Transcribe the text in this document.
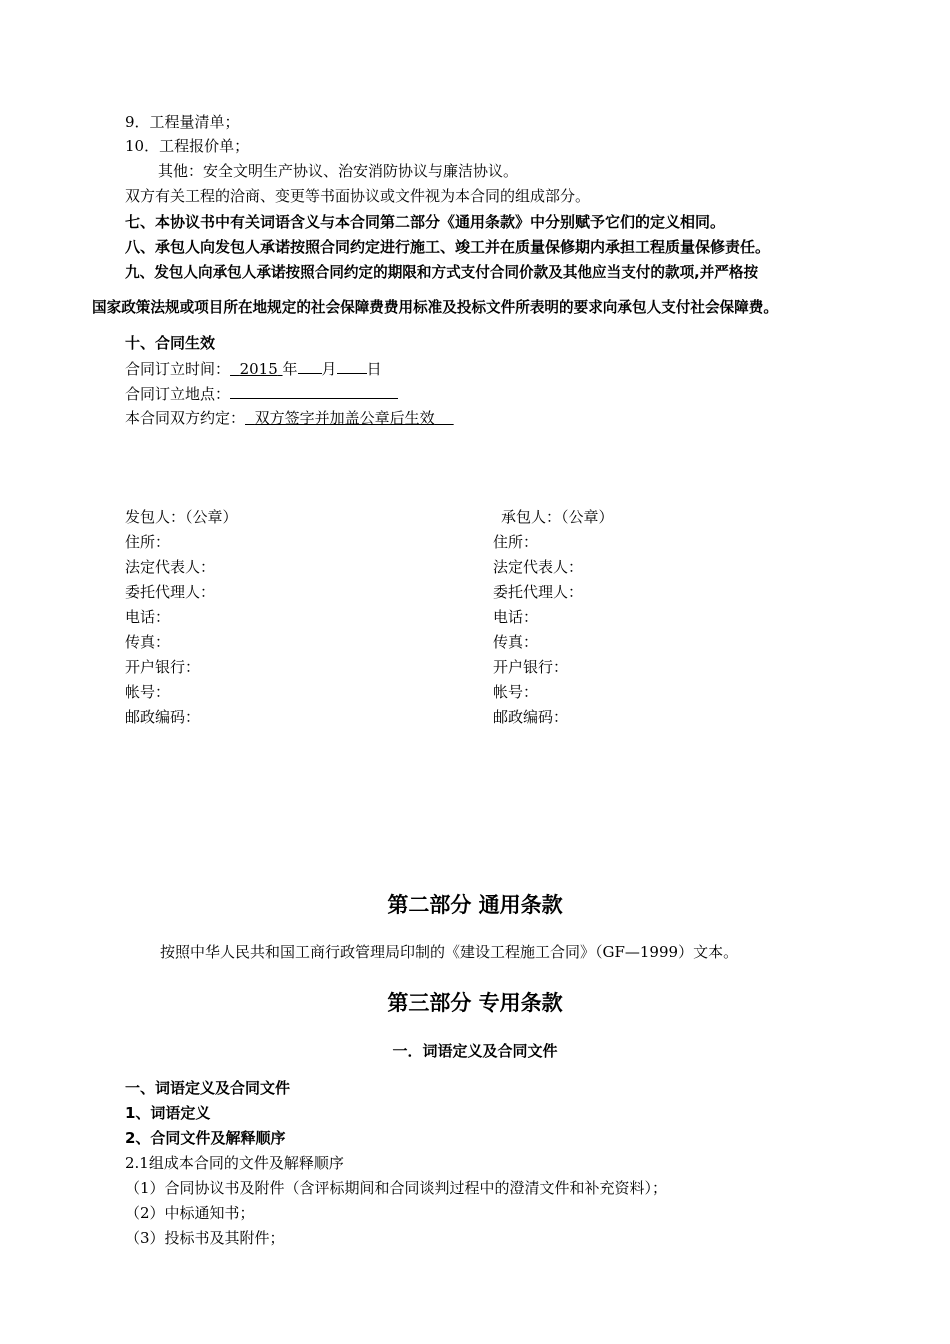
9．工程量清单；
10．工程报价单；
其他：安全文明生产协议、治安消防协议与廉洁协议。
双方有关工程的洽商、变更等书面协议或文件视为本合同的组成部分。
七、本协议书中有关词语含义与本合同第二部分《通用条款》中分别赋予它们的定义相同。
八、承包人向发包人承诺按照合同约定进行施工、竣工并在质量保修期内承担工程质量保修责任。
九、发包人向承包人承诺按照合同约定的期限和方式支付合同价款及其他应当支付的款项,并严格按
国家政策法规或项目所在地规定的社会保障费费用标准及投标文件所表明的要求向承包人支付社会保障费。
十、合同生效
合同订立时间： 2015 年 月 日
合同订立地点：
本合同双方约定： 双方签字并加盖公章后生效
发包人：（公章）
住所：
法定代表人：
委托代理人：
电话：
传真：
开户银行：
帐号：
邮政编码：
承包人：（公章）
住所：
法定代表人：
委托代理人：
电话：
传真：
开户银行：
帐号：
邮政编码：
第二部分 通用条款
按照中华人民共和国工商行政管理局印制的《建设工程施工合同》（GF—1999）文本。
第三部分 专用条款
一．词语定义及合同文件
一、词语定义及合同文件
1、词语定义
2、合同文件及解释顺序
2.1组成本合同的文件及解释顺序
（1）合同协议书及附件（含评标期间和合同谈判过程中的澄清文件和补充资料）；
（2）中标通知书；
（3）投标书及其附件；
